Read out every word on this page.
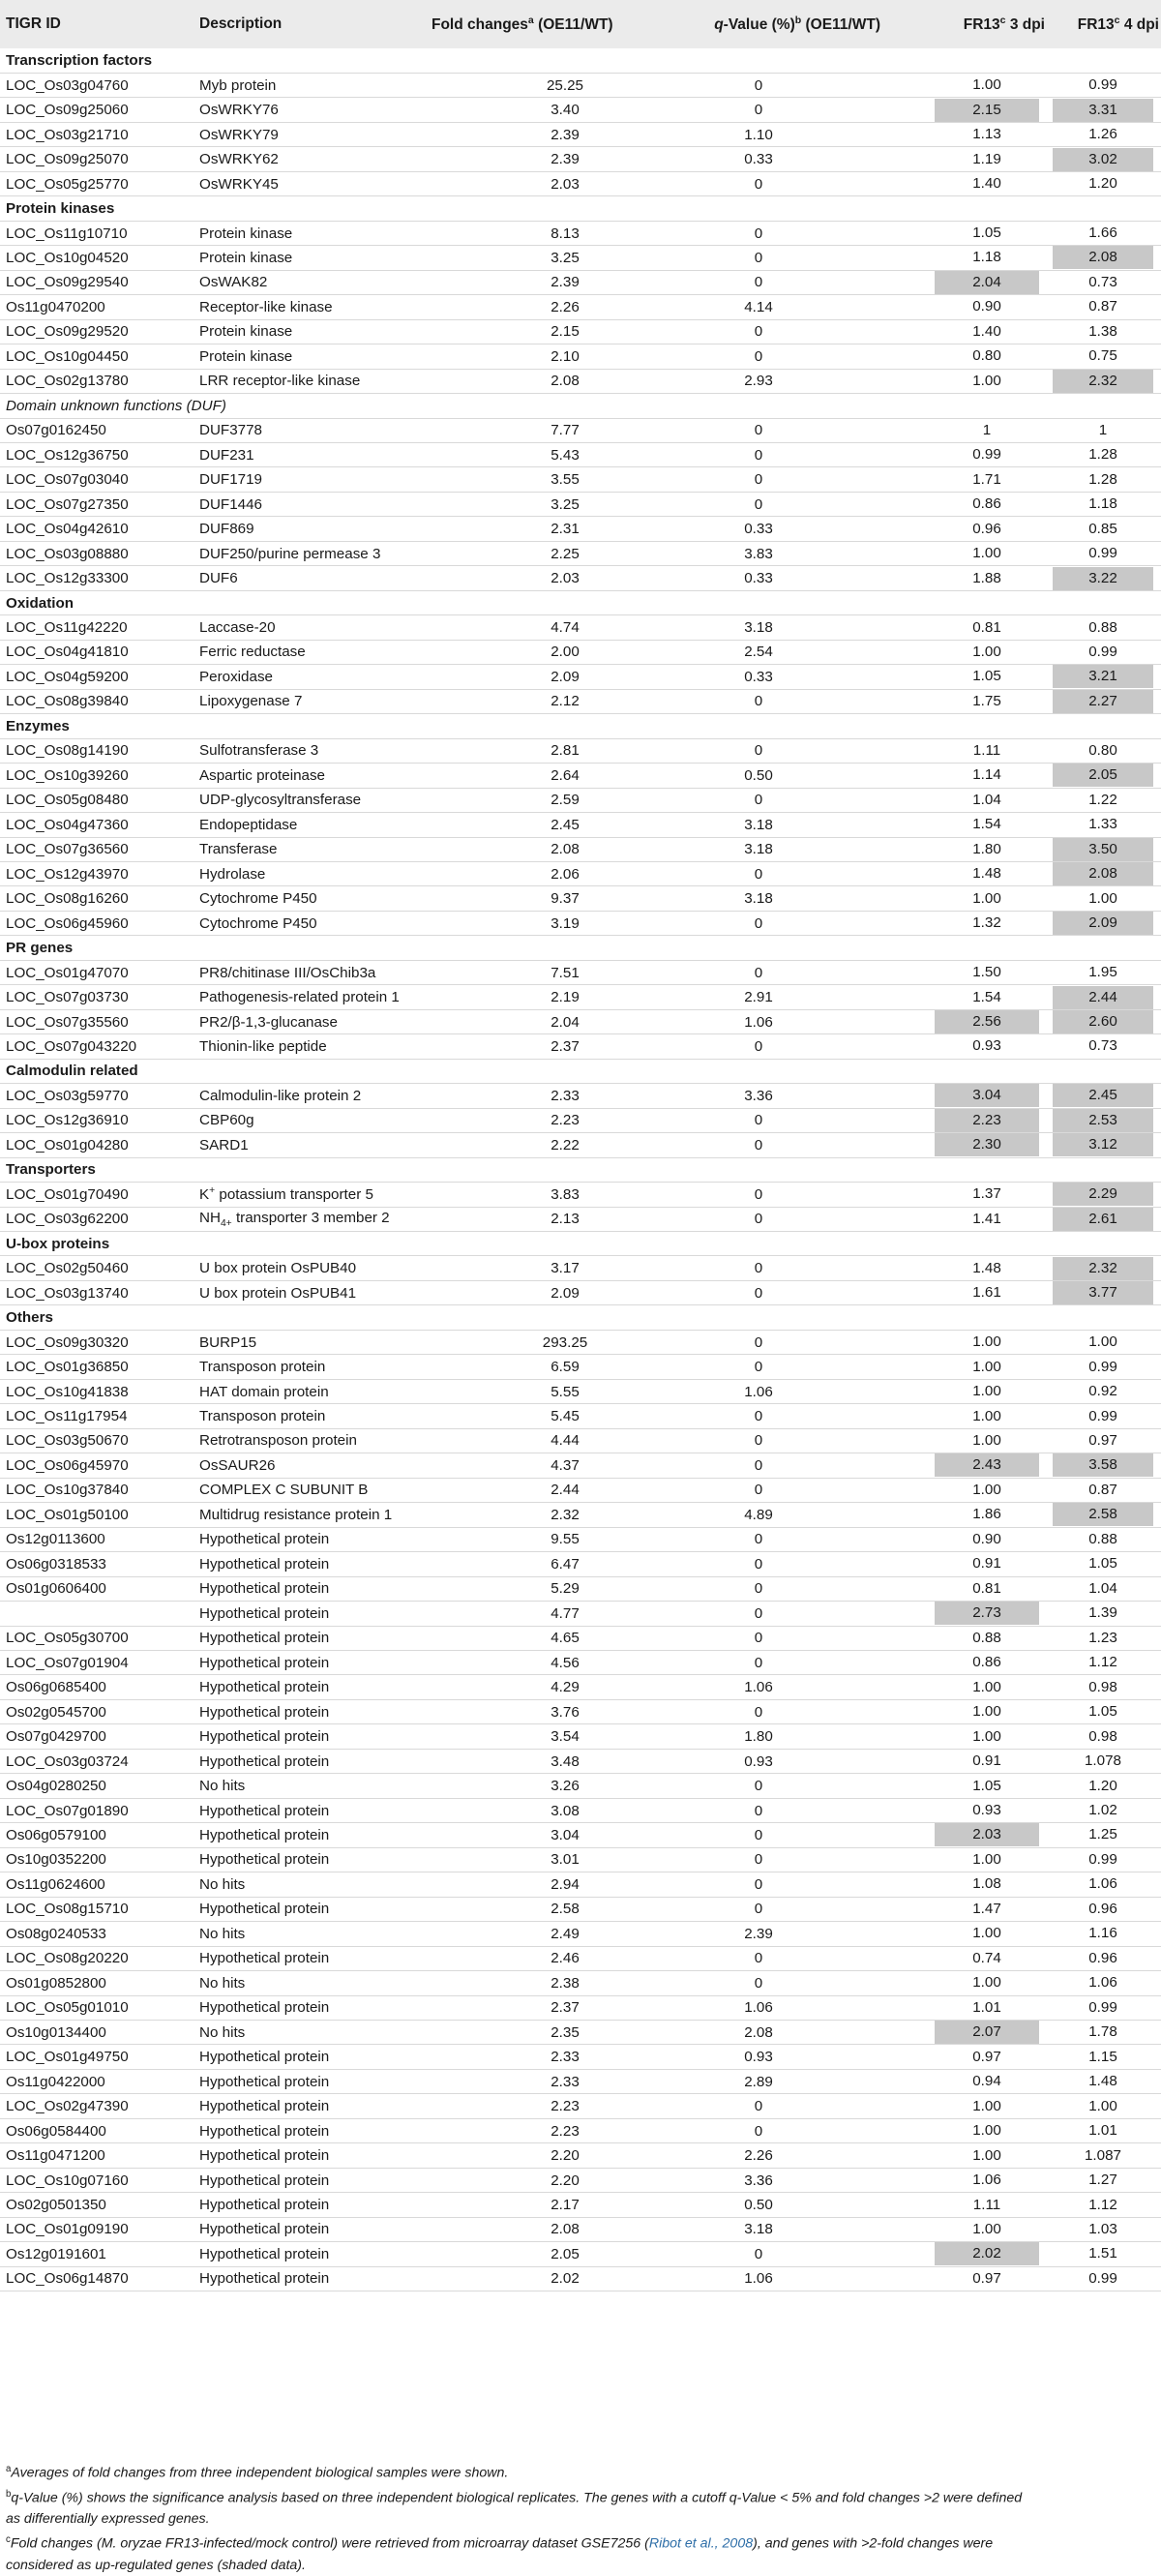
TIGR ID	Description	Fold changes$^a$ (OE11/WT)	q-Value (%)$^b$ (OE11/WT)	FR13$^c$ 3 dpi	FR13$^c$ 4 dpi
Transcription factors					
LOC_Os03g04760	Myb protein	25.25	0	1.00	0.99

LOC_Os09g25060	OsWRKY76	3.40	0	2.15	3.31

LOC_Os03g21710	OsWRKY79	2.39	1.10	1.13	1.26

LOC_Os09g25070	OsWRKY62	2.39	0.33	1.19	3.02

LOC_Os05g25770	OsWRKY45	2.03	0	1.40	1.20

Protein kinases					
LOC_Os11g10710	Protein kinase	8.13	0	1.05	1.66

LOC_Os10g04520	Protein kinase	3.25	0	1.18	2.08

LOC_Os09g29540	OsWAK82	2.39	0	2.04	0.73

Os11g0470200	Receptor-like kinase	2.26	4.14	0.90	0.87

LOC_Os09g29520	Protein kinase	2.15	0	1.40	1.38

LOC_Os10g04450	Protein kinase	2.10	0	0.80	0.75

LOC_Os02g13780	LRR receptor-like kinase	2.08	2.93	1.00	2.32

Domain unknown functions (DUF)					
Os07g0162450	DUF3778	7.77	0	1	1

LOC_Os12g36750	DUF231	5.43	0	0.99	1.28

LOC_Os07g03040	DUF1719	3.55	0	1.71	1.28

LOC_Os07g27350	DUF1446	3.25	0	0.86	1.18

LOC_Os04g42610	DUF869	2.31	0.33	0.96	0.85

LOC_Os03g08880	DUF250/purine permease 3	2.25	3.83	1.00	0.99

LOC_Os12g33300	DUF6	2.03	0.33	1.88	3.22

Oxidation					
LOC_Os11g42220	Laccase-20	4.74	3.18	0.81	0.88

LOC_Os04g41810	Ferric reductase	2.00	2.54	1.00	0.99

LOC_Os04g59200	Peroxidase	2.09	0.33	1.05	3.21

LOC_Os08g39840	Lipoxygenase 7	2.12	0	1.75	2.27

Enzymes					
LOC_Os08g14190	Sulfotransferase 3	2.81	0	1.11	0.80

LOC_Os10g39260	Aspartic proteinase	2.64	0.50	1.14	2.05

LOC_Os05g08480	UDP-glycosyltransferase	2.59	0	1.04	1.22

LOC_Os04g47360	Endopeptidase	2.45	3.18	1.54	1.33

LOC_Os07g36560	Transferase	2.08	3.18	1.80	3.50

LOC_Os12g43970	Hydrolase	2.06	0	1.48	2.08

LOC_Os08g16260	Cytochrome P450	9.37	3.18	1.00	1.00

LOC_Os06g45960	Cytochrome P450	3.19	0	1.32	2.09

PR genes					
LOC_Os01g47070	PR8/chitinase III/OsChib3a	7.51	0	1.50	1.95

LOC_Os07g03730	Pathogenesis-related protein 1	2.19	2.91	1.54	2.44

LOC_Os07g35560	PR2/β-1,3-glucanase	2.04	1.06	2.56	2.60

LOC_Os07g043220	Thionin-like peptide	2.37	0	0.93	0.73

Calmodulin related					
LOC_Os03g59770	Calmodulin-like protein 2	2.33	3.36	3.04	2.45

LOC_Os12g36910	CBP60g	2.23	0	2.23	2.53

LOC_Os01g04280	SARD1	2.22	0	2.30	3.12

Transporters					
LOC_Os01g70490	K+ potassium transporter 5	3.83	0	1.37	2.29

LOC_Os03g62200	$NH_{4+}$ transporter 3 member 2	2.13	0	1.41	2.61

U-box proteins					
LOC_Os02g50460	U box protein OsPUB40	3.17	0	1.48	2.32

LOC_Os03g13740	U box protein OsPUB41	2.09	0	1.61	3.77

Others					
LOC_Os09g30320	BURP15	293.25	0	1.00	1.00

LOC_Os01g36850	Transposon protein	6.59	0	1.00	0.99

LOC_Os10g41838	HAT domain protein	5.55	1.06	1.00	0.92

LOC_Os11g17954	Transposon protein	5.45	0	1.00	0.99

LOC_Os03g50670	Retrotransposon protein	4.44	0	1.00	0.97

LOC_Os06g45970	OsSAUR26	4.37	0	2.43	3.58

LOC_Os10g37840	COMPLEX C SUBUNIT B	2.44	0	1.00	0.87

LOC_Os01g50100	Multidrug resistance protein 1	2.32	4.89	1.86	2.58

Os12g0113600	Hypothetical protein	9.55	0	0.90	0.88

Os06g0318533	Hypothetical protein	6.47	0	0.91	1.05

Os01g0606400	Hypothetical protein	5.29	0	0.81	1.04

	Hypothetical protein	4.77	0	2.73	1.39

LOC_Os05g30700	Hypothetical protein	4.65	0	0.88	1.23

LOC_Os07g01904	Hypothetical protein	4.56	0	0.86	1.12

Os06g0685400	Hypothetical protein	4.29	1.06	1.00	0.98

Os02g0545700	Hypothetical protein	3.76	0	1.00	1.05

Os07g0429700	Hypothetical protein	3.54	1.80	1.00	0.98

LOC_Os03g03724	Hypothetical protein	3.48	0.93	0.91	1.078

Os04g0280250	No hits	3.26	0	1.05	1.20

LOC_Os07g01890	Hypothetical protein	3.08	0	0.93	1.02

Os06g0579100	Hypothetical protein	3.04	0	2.03	1.25

Os10g0352200	Hypothetical protein	3.01	0	1.00	0.99

Os11g0624600	No hits	2.94	0	1.08	1.06

LOC_Os08g15710	Hypothetical protein	2.58	0	1.47	0.96

Os08g0240533	No hits	2.49	2.39	1.00	1.16

LOC_Os08g20220	Hypothetical protein	2.46	0	0.74	0.96

Os01g0852800	No hits	2.38	0	1.00	1.06

LOC_Os05g01010	Hypothetical protein	2.37	1.06	1.01	0.99

Os10g0134400	No hits	2.35	2.08	2.07	1.78

LOC_Os01g49750	Hypothetical protein	2.33	0.93	0.97	1.15

Os11g0422000	Hypothetical protein	2.33	2.89	0.94	1.48

LOC_Os02g47390	Hypothetical protein	2.23	0	1.00	1.00

Os06g0584400	Hypothetical protein	2.23	0	1.00	1.01

Os11g0471200	Hypothetical protein	2.20	2.26	1.00	1.087

LOC_Os10g07160	Hypothetical protein	2.20	3.36	1.06	1.27

Os02g0501350	Hypothetical protein	2.17	0.50	1.11	1.12

LOC_Os01g09190	Hypothetical protein	2.08	3.18	1.00	1.03

Os12g0191601	Hypothetical protein	2.05	0	2.02	1.51

LOC_Os06g14870	Hypothetical protein	2.02	1.06	0.97	0.99

$^a$Averages of fold changes from three independent biological samples were shown.

$^b$q-Value (%) shows the significance analysis based on three independent biological replicates. The genes with a cutoff q-Value < 5% and fold changes >2 were defined
as differentially expressed genes.

$^c$Fold changes (M. oryzae FR13-infected/mock control) were retrieved from microarray dataset GSE7256 (Ribot et al., 2008), and genes with >2-fold changes were
considered as up-regulated genes (shaded data).
